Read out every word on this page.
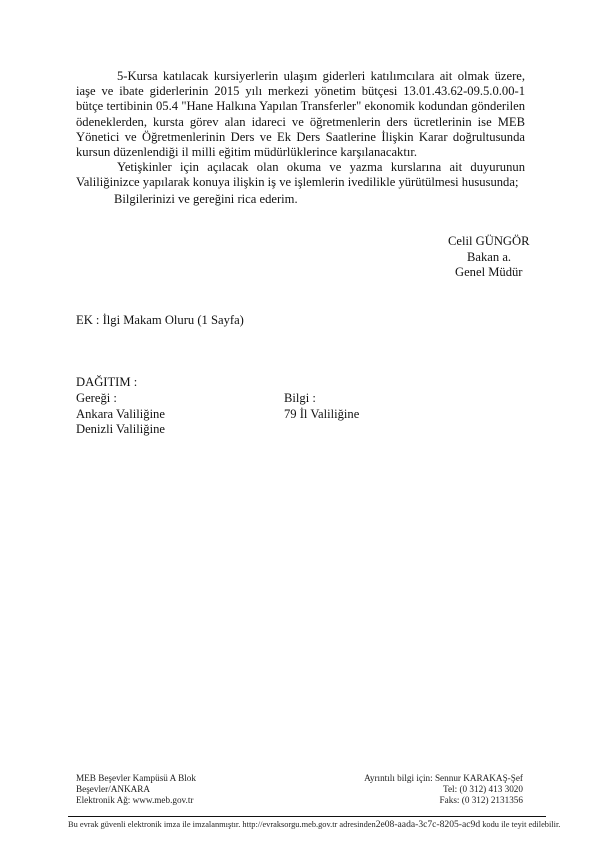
5-Kursa katılacak kursiyerlerin ulaşım giderleri katılımcılara ait olmak üzere, iaşe ve ibate giderlerinin 2015 yılı merkezi yönetim bütçesi 13.01.43.62-09.5.0.00-1 bütçe tertibinin 05.4 "Hane Halkına Yapılan Transferler" ekonomik kodundan gönderilen ödeneklerden, kursta görev alan idareci ve öğretmenlerin ders ücretlerinin ise MEB Yönetici ve Öğretmenlerinin Ders ve Ek Ders Saatlerine İlişkin Karar doğrultusunda kursun düzenlendiği il milli eğitim müdürlüklerince karşılanacaktır.

Yetişkinler için açılacak olan okuma ve yazma kurslarına ait duyurunun Valiliğinizce yapılarak konuya ilişkin iş ve işlemlerin ivedilikle yürütülmesi hususunda;

Bilgilerinizi ve gereğini rica ederim.

Celil GÜNGÖR
Bakan a.
Genel Müdür
EK : İlgi Makam Oluru (1 Sayfa)
DAĞITIM :
Gereği :
Ankara Valiliğine
Denizli Valiliğine
Bilgi :
79 İl Valiliğine
MEB Beşevler Kampüsü A Blok
Beşevler/ANKARA
Elektronik Ağ: www.meb.gov.tr
Ayrıntılı bilgi için: Sennur KARAKAŞ-Şef
Tel: (0 312) 413 3020
Faks: (0 312) 2131356
Bu evrak güvenli elektronik imza ile imzalanmıştır. http://evraksorgu.meb.gov.tr adresinden2e08-aada-3c7c-8205-ac9d kodu ile teyit edilebilir.
